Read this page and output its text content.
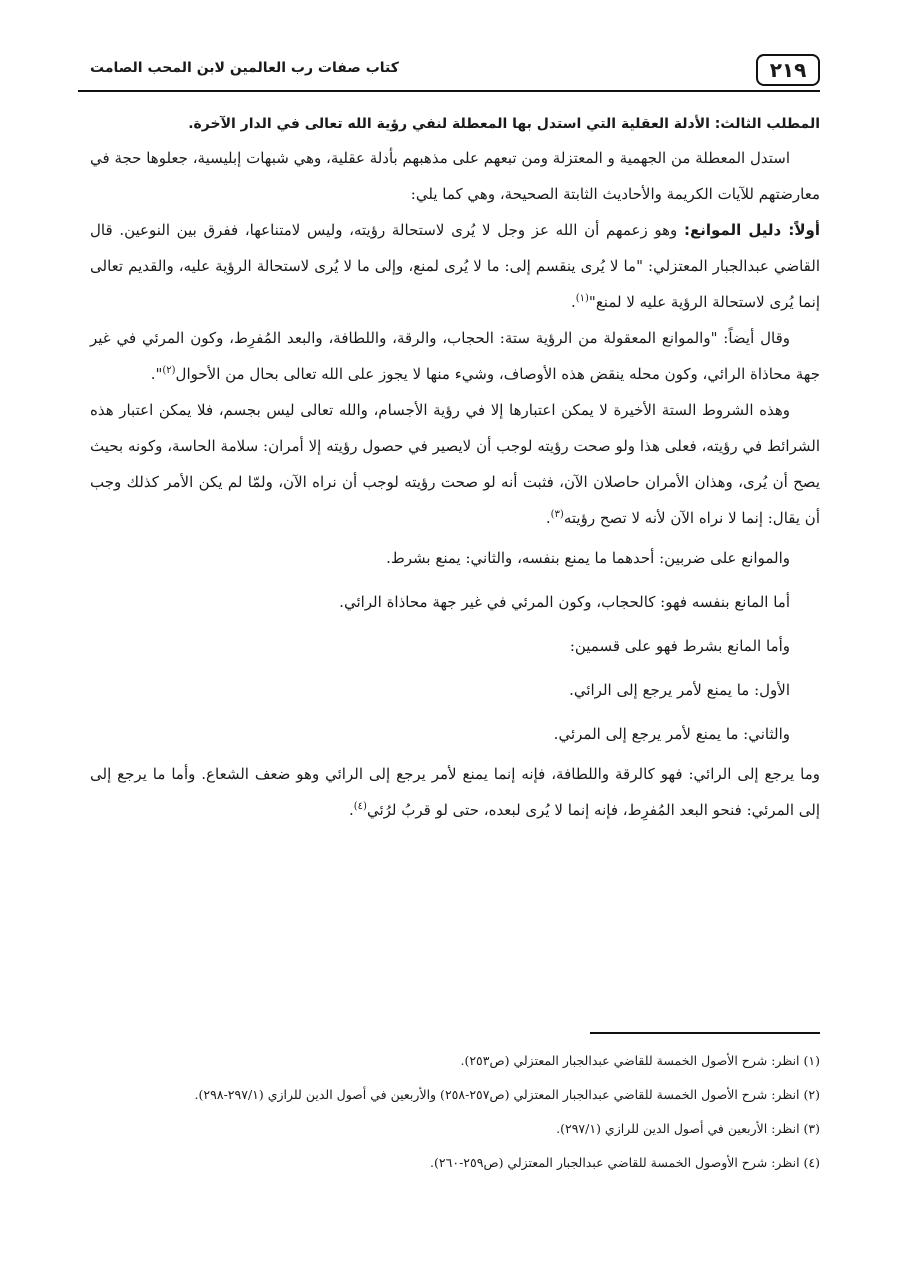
٢١٩
كتاب صفات رب العالمين لابن المحب الصامت

المطلب الثالث: الأدلة العقلية التي استدل بها المعطلة لنفي رؤية الله تعالى في الدار الآخرة.

استدل المعطلة من الجهمية و المعتزلة ومن تبعهم على مذهبهم بأدلة عقلية، وهي شبهات إبليسية، جعلوها حجة في معارضتهم للآيات الكريمة والأحاديث الثابتة الصحيحة، وهي كما يلي:

أولاً: دليل الموانع: وهو زعمهم أن الله عز وجل لا يُرى لاستحالة رؤيته، وليس لامتناعها، ففرق بين النوعين. قال القاضي عبدالجبار المعتزلي: "ما لا يُرى ينقسم إلى: ما لا يُرى لمنع، وإلى ما لا يُرى لاستحالة الرؤية عليه، والقديم تعالى إنما يُرى لاستحالة الرؤية عليه لا لمنع"$^{(١)}$.

وقال أيضاً: "والموانع المعقولة من الرؤية ستة: الحجاب، والرقة، واللطافة، والبعد المُفرِط، وكون المرئي في غير جهة محاذاة الرائي، وكون محله ينقض هذه الأوصاف، وشيء منها لا يجوز على الله تعالى بحال من الأحوال$^{(٢)}$".

وهذه الشروط الستة الأخيرة لا يمكن اعتبارها إلا في رؤية الأجسام، والله تعالى ليس بجسم، فلا يمكن اعتبار هذه الشرائط في رؤيته، فعلى هذا ولو صحت رؤيته لوجب أن لايصير في حصول رؤيته إلا أمران: سلامة الحاسة، وكونه بحيث يصح أن يُرى، وهذان الأمران حاصلان الآن، فثبت أنه لو صحت رؤيته لوجب أن نراه الآن، ولمّا لم يكن الأمر كذلك وجب أن يقال: إنما لا نراه الآن لأنه لا تصح رؤيته$^{(٣)}$.

والموانع على ضربين: أحدهما ما يمنع بنفسه، والثاني: يمنع بشرط.

أما المانع بنفسه فهو: كالحجاب، وكون المرئي في غير جهة محاذاة الرائي.

وأما المانع بشرط فهو على قسمين:

الأول: ما يمنع لأمر يرجع إلى الرائي.

والثاني: ما يمنع لأمر يرجع إلى المرئي.

وما يرجع إلى الرائي: فهو كالرقة واللطافة، فإنه إنما يمنع لأمر يرجع إلى الرائي وهو ضعف الشعاع. وأما ما يرجع إلى إلى المرئي: فنحو البعد المُفرِط، فإنه إنما لا يُرى لبعده، حتى لو قربُ لرُئي$^{(٤)}$.

(١) انظر: شرح الأصول الخمسة للقاضي عبدالجبار المعتزلي (ص٢٥٣).

(٢) انظر: شرح الأصول الخمسة للقاضي عبدالجبار المعتزلي (ص٢٥٧-٢٥٨) والأربعين في أصول الدين للرازي (٢٩٧/١-٢٩٨).

(٣) انظر: الأربعين في أصول الدين للرازي (٢٩٧/١).

(٤) انظر: شرح الأوصول الخمسة للقاضي عبدالجبار المعتزلي (ص٢٥٩-٢٦٠).
